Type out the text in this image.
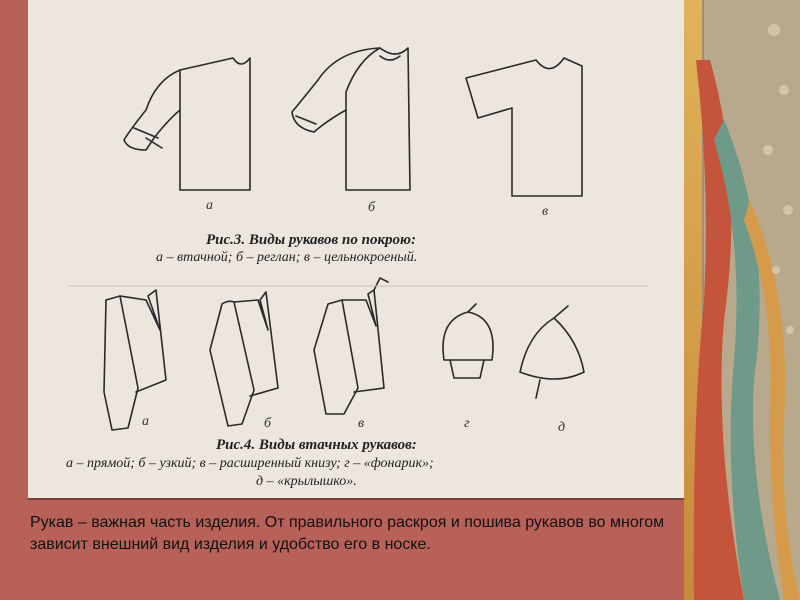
а	б	в
Рис.3. Виды рукавов по покрою:
а – втачной; б – реглан; в – цельнокроеный.
а	б	в	г	д
Рис.4. Виды втачных рукавов:
а – прямой; б – узкий; в – расширенный книзу; г – «фонарик»;
д – «крылышко».
Рукав – важная часть изделия. От правильного раскроя и пошива рукавов во многом зависит внешний вид изделия и удобство его в носке.
